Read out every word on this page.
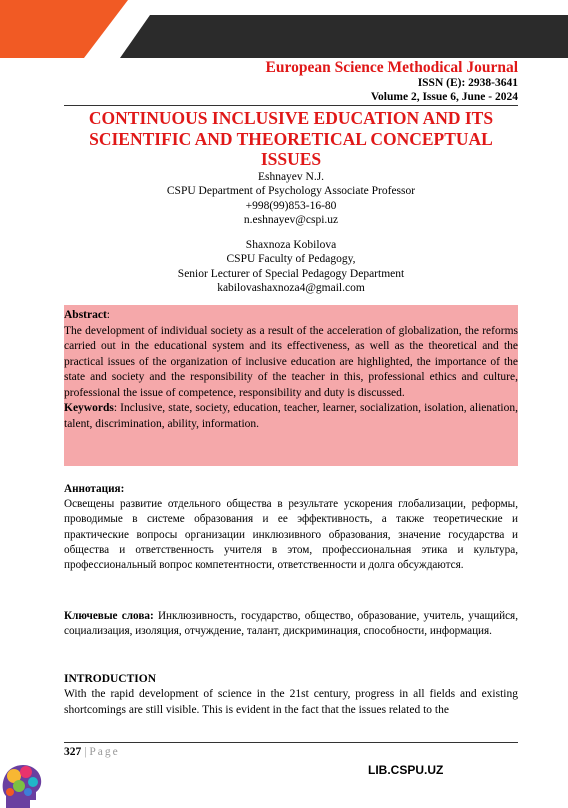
European Science Methodical Journal
ISSN (E): 2938-3641
Volume 2, Issue 6, June - 2024
CONTINUOUS INCLUSIVE EDUCATION AND ITS
SCIENTIFIC AND THEORETICAL CONCEPTUAL
ISSUES
Eshnayev N.J.
CSPU Department of Psychology Associate Professor
+998(99)853-16-80
n.eshnayev@cspi.uz
Shaxnoza Kobilova
CSPU Faculty of Pedagogy,
Senior Lecturer of Special Pedagogy Department
kabilovashaxnoza4@gmail.com
Abstract:

The development of individual society as a result of the acceleration of globalization, the reforms carried out in the educational system and its effectiveness, as well as the theoretical and the practical issues of the organization of inclusive education are highlighted, the importance of the state and society and the responsibility of the teacher in this, professional ethics and culture, professional the issue of competence, responsibility and duty is discussed.

Keywords: Inclusive, state, society, education, teacher, learner, socialization, isolation, alienation, talent, discrimination, ability, information.

Аннотация:

Освещены развитие отдельного общества в результате ускорения глобализации, реформы, проводимые в системе образования и ее эффективность, а также теоретические и практические вопросы организации инклюзивного образования, значение государства и общества и ответственность учителя в этом, профессиональная этика и культура, профессиональный вопрос компетентности, ответственности и долга обсуждаются.

Ключевые слова: Инклюзивность, государство, общество, образование, учитель, учащийся, социализация, изоляция, отчуждение, талант, дискриминация, способности, информация.

INTRODUCTION

With the rapid development of science in the 21st century, progress in all fields and existing shortcomings are still visible. This is evident in the fact that the issues related to the

327 | Page
LIB.CSPU.UZ
